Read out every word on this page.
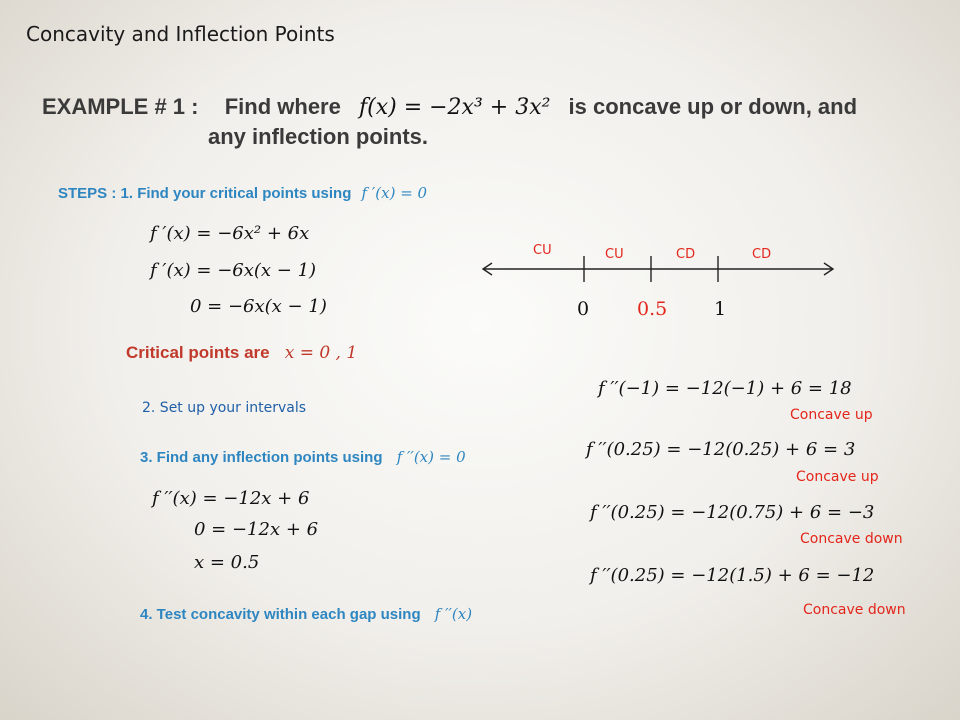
Concavity and Inflection Points
EXAMPLE # 1 : Find where f(x) = −2x³ + 3x² is concave up or down, and
any inflection points.
STEPS : 1. Find your critical points using f ′(x) = 0
f ′(x) = −6x² + 6x
f ′(x) = −6x(x − 1)
0 = −6x(x − 1)
Critical points are x = 0 , 1
2. Set up your intervals
3. Find any inflection points using f ′′(x) = 0
f ′′(x) = −12x + 6
0 = −12x + 6
x = 0.5
4. Test concavity within each gap using f ′′(x)
CU	CU	CD	CD
0	0.5 1
f ′′(−1) = −12(−1) + 6 = 18
Concave up
f ′′(0.25) = −12(0.25) + 6 = 3
Concave up
f ′′(0.25) = −12(0.75) + 6 = −3
Concave down
f ′′(0.25) = −12(1.5) + 6 = −12
Concave down
